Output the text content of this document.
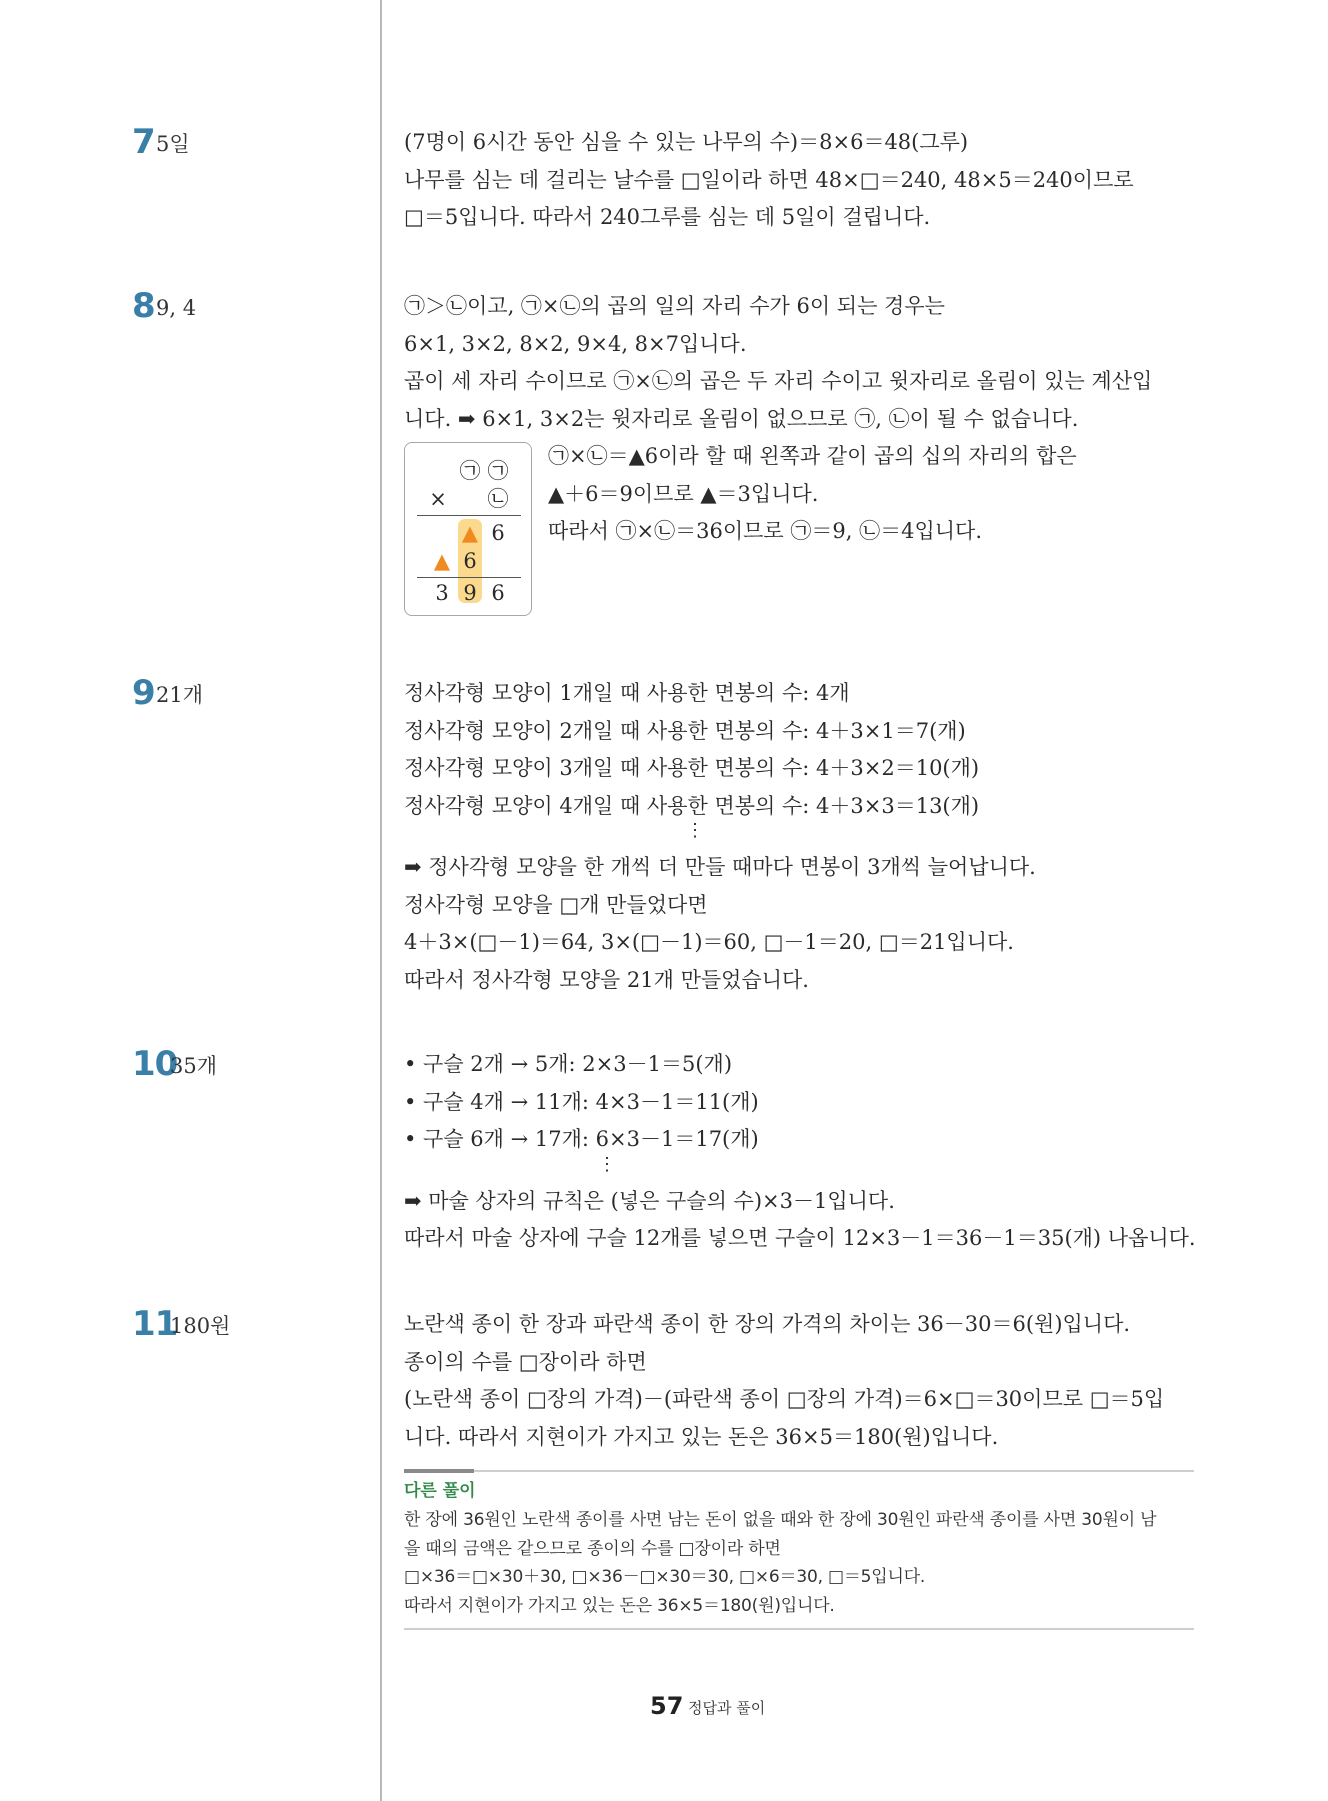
7 5일	(7명이 6시간 동안 심을 수 있는 나무의 수)＝8×6＝48(그루)
나무를 심는 데 걸리는 날수를 □일이라 하면 48×□＝240, 48×5＝240이므로
□＝5입니다. 따라서 240그루를 심는 데 5일이 걸립니다.
8 9, 4	㉠＞㉡이고, ㉠×㉡의 곱의 일의 자리 수가 6이 되는 경우는
6×1, 3×2, 8×2, 9×4, 8×7입니다.
곱이 세 자리 수이므로 ㉠×㉡의 곱은 두 자리 수이고 윗자리로 올림이 있는 계산입
니다. ➡ 6×1, 3×2는 윗자리로 올림이 없으므로 ㉠, ㉡이 될 수 없습니다.
㉠×㉡＝▲6이라 할 때 왼쪽과 같이 곱의 십의 자리의 합은
▲＋6＝9이므로 ▲＝3입니다.
따라서 ㉠×㉡＝36이므로 ㉠＝9, ㉡＝4입니다.
㉠ ㉠
× ㉡
▲ 6
▲ 6
3 9 6
9 21개	정사각형 모양이 1개일 때 사용한 면봉의 수: 4개
정사각형 모양이 2개일 때 사용한 면봉의 수: 4＋3×1＝7(개)
정사각형 모양이 3개일 때 사용한 면봉의 수: 4＋3×2＝10(개)
정사각형 모양이 4개일 때 사용한 면봉의 수: 4＋3×3＝13(개)
⋮
➡ 정사각형 모양을 한 개씩 더 만들 때마다 면봉이 3개씩 늘어납니다.
정사각형 모양을 □개 만들었다면
4＋3×(□－1)＝64, 3×(□－1)＝60, □－1＝20, □＝21입니다.
따라서 정사각형 모양을 21개 만들었습니다.
10
35개	• 구슬 2개 → 5개: 2×3－1＝5(개)
• 구슬 4개 → 11개: 4×3－1＝11(개)
• 구슬 6개 → 17개: 6×3－1＝17(개)
⋮
➡ 마술 상자의 규칙은 (넣은 구슬의 수)×3－1입니다.
따라서 마술 상자에 구슬 12개를 넣으면 구슬이 12×3－1＝36－1＝35(개) 나옵니다.
11
180원	노란색 종이 한 장과 파란색 종이 한 장의 가격의 차이는 36－30＝6(원)입니다.
종이의 수를 □장이라 하면
(노란색 종이 □장의 가격)－(파란색 종이 □장의 가격)＝6×□＝30이므로 □＝5입
니다. 따라서 지현이가 가지고 있는 돈은 36×5＝180(원)입니다.
다른 풀이
한 장에 36원인 노란색 종이를 사면 남는 돈이 없을 때와 한 장에 30원인 파란색 종이를 사면 30원이 남
을 때의 금액은 같으므로 종이의 수를 □장이라 하면
□×36＝□×30＋30, □×36－□×30＝30, □×6＝30, □＝5입니다.
따라서 지현이가 가지고 있는 돈은 36×5＝180(원)입니다.
57 정답과 풀이
